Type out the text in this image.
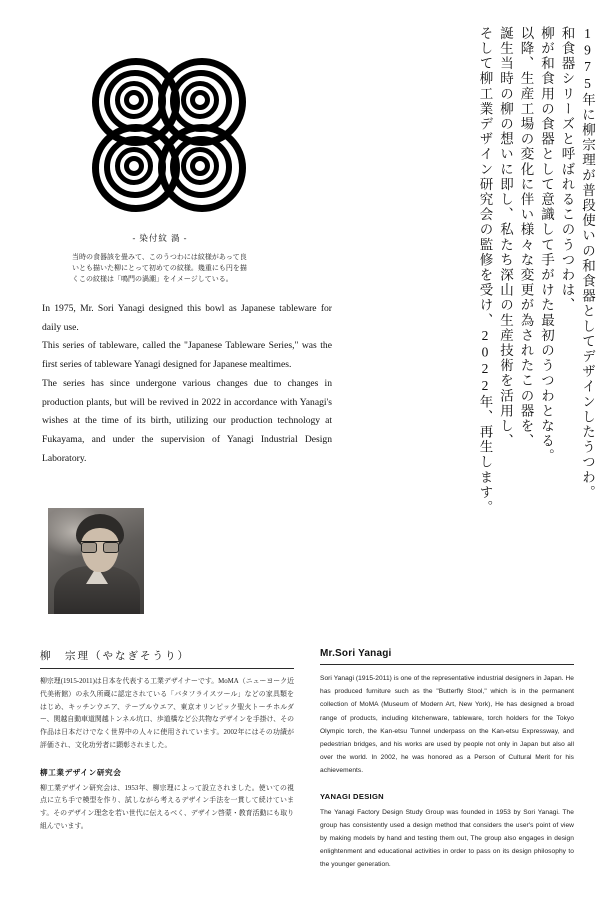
そして柳工業デザイン研究会の監修を受け、2022年、再生します。 誕生当時の柳の想いに即し、私たち深山の生産技術を活用し、 以降、生産工場の変化に伴い様々な変更が為されたこの器を、 柳が和食用の食器として意識して手がけた最初のうつわとなる。 和食器シリーズと呼ばれるこのうつわは、 1975年に柳宗理が普段使いの和食器としてデザインしたうつわ。
- 染付紋 渦 -
当時の食器該を畳みて、このうつわには紋様があって良いとも描いた柳にとって初めての紋様。幾重にも円を描くこの紋様は「鳴門の渦潮」をイメージしている。

In 1975, Mr. Sori Yanagi designed this bowl as Japanese tableware for daily use.

This series of tableware, called the "Japanese Tableware Series," was the first series of tableware Yanagi designed for Japanese mealtimes.

The series has since undergone various changes due to changes in production plants, but will be revived in 2022 in accordance with Yanagi's wishes at the time of its birth, utilizing our production technology at Fukayama, and under the supervision of Yanagi Industrial Design Laboratory.

柳　宗理（やなぎそうり）

柳宗理(1915-2011)は日本を代表する工業デザイナーです。MoMA（ニューヨーク近代美術館）の永久所蔵に認定されている「バタフライスツール」などの家具類をはじめ、キッチンウエア、テーブルウエア、東京オリンピック聖火トーチホルダー、関越自動車道関越トンネル坑口、歩道橋など公共物なデザインを手掛け、その作品は日本だけでなく世界中の人々に使用されています。2002年にはその功績が評価され、文化功労者に顕彰されました。

柳工業デザイン研究会

柳工業デザイン研究会は、1953年、柳宗理によって設立されました。使いての視点に立ち手で模型を作り、試しながら考えるデザイン手法を一貫して続けています。そのデザイン理念を若い世代に伝えるべく、デザイン啓蒙・教育活動にも取り組んでいます。

Mr.Sori Yanagi

Sori Yanagi (1915-2011) is one of the representative industrial designers in Japan. He has produced furniture such as the "Butterfly Stool," which is in the permanent collection of MoMA (Museum of Modern Art, New York), He has designed a broad range of products, including kitchenware, tableware, torch holders for the Tokyo Olympic torch, the Kan-etsu Tunnel underpass on the Kan-etsu Expressway, and pedestrian bridges, and his works are used by people not only in Japan but also all over the world. In 2002, he was honored as a Person of Cultural Merit for his achievements.

YANAGI DESIGN

The Yanagi Factory Design Study Group was founded in 1953 by Sori Yanagi. The group has consistently used a design method that considers the user's point of view by making models by hand and testing them out, The group also engages in design enlightenment and educational activities in order to pass on its design philosophy to the younger generation.
